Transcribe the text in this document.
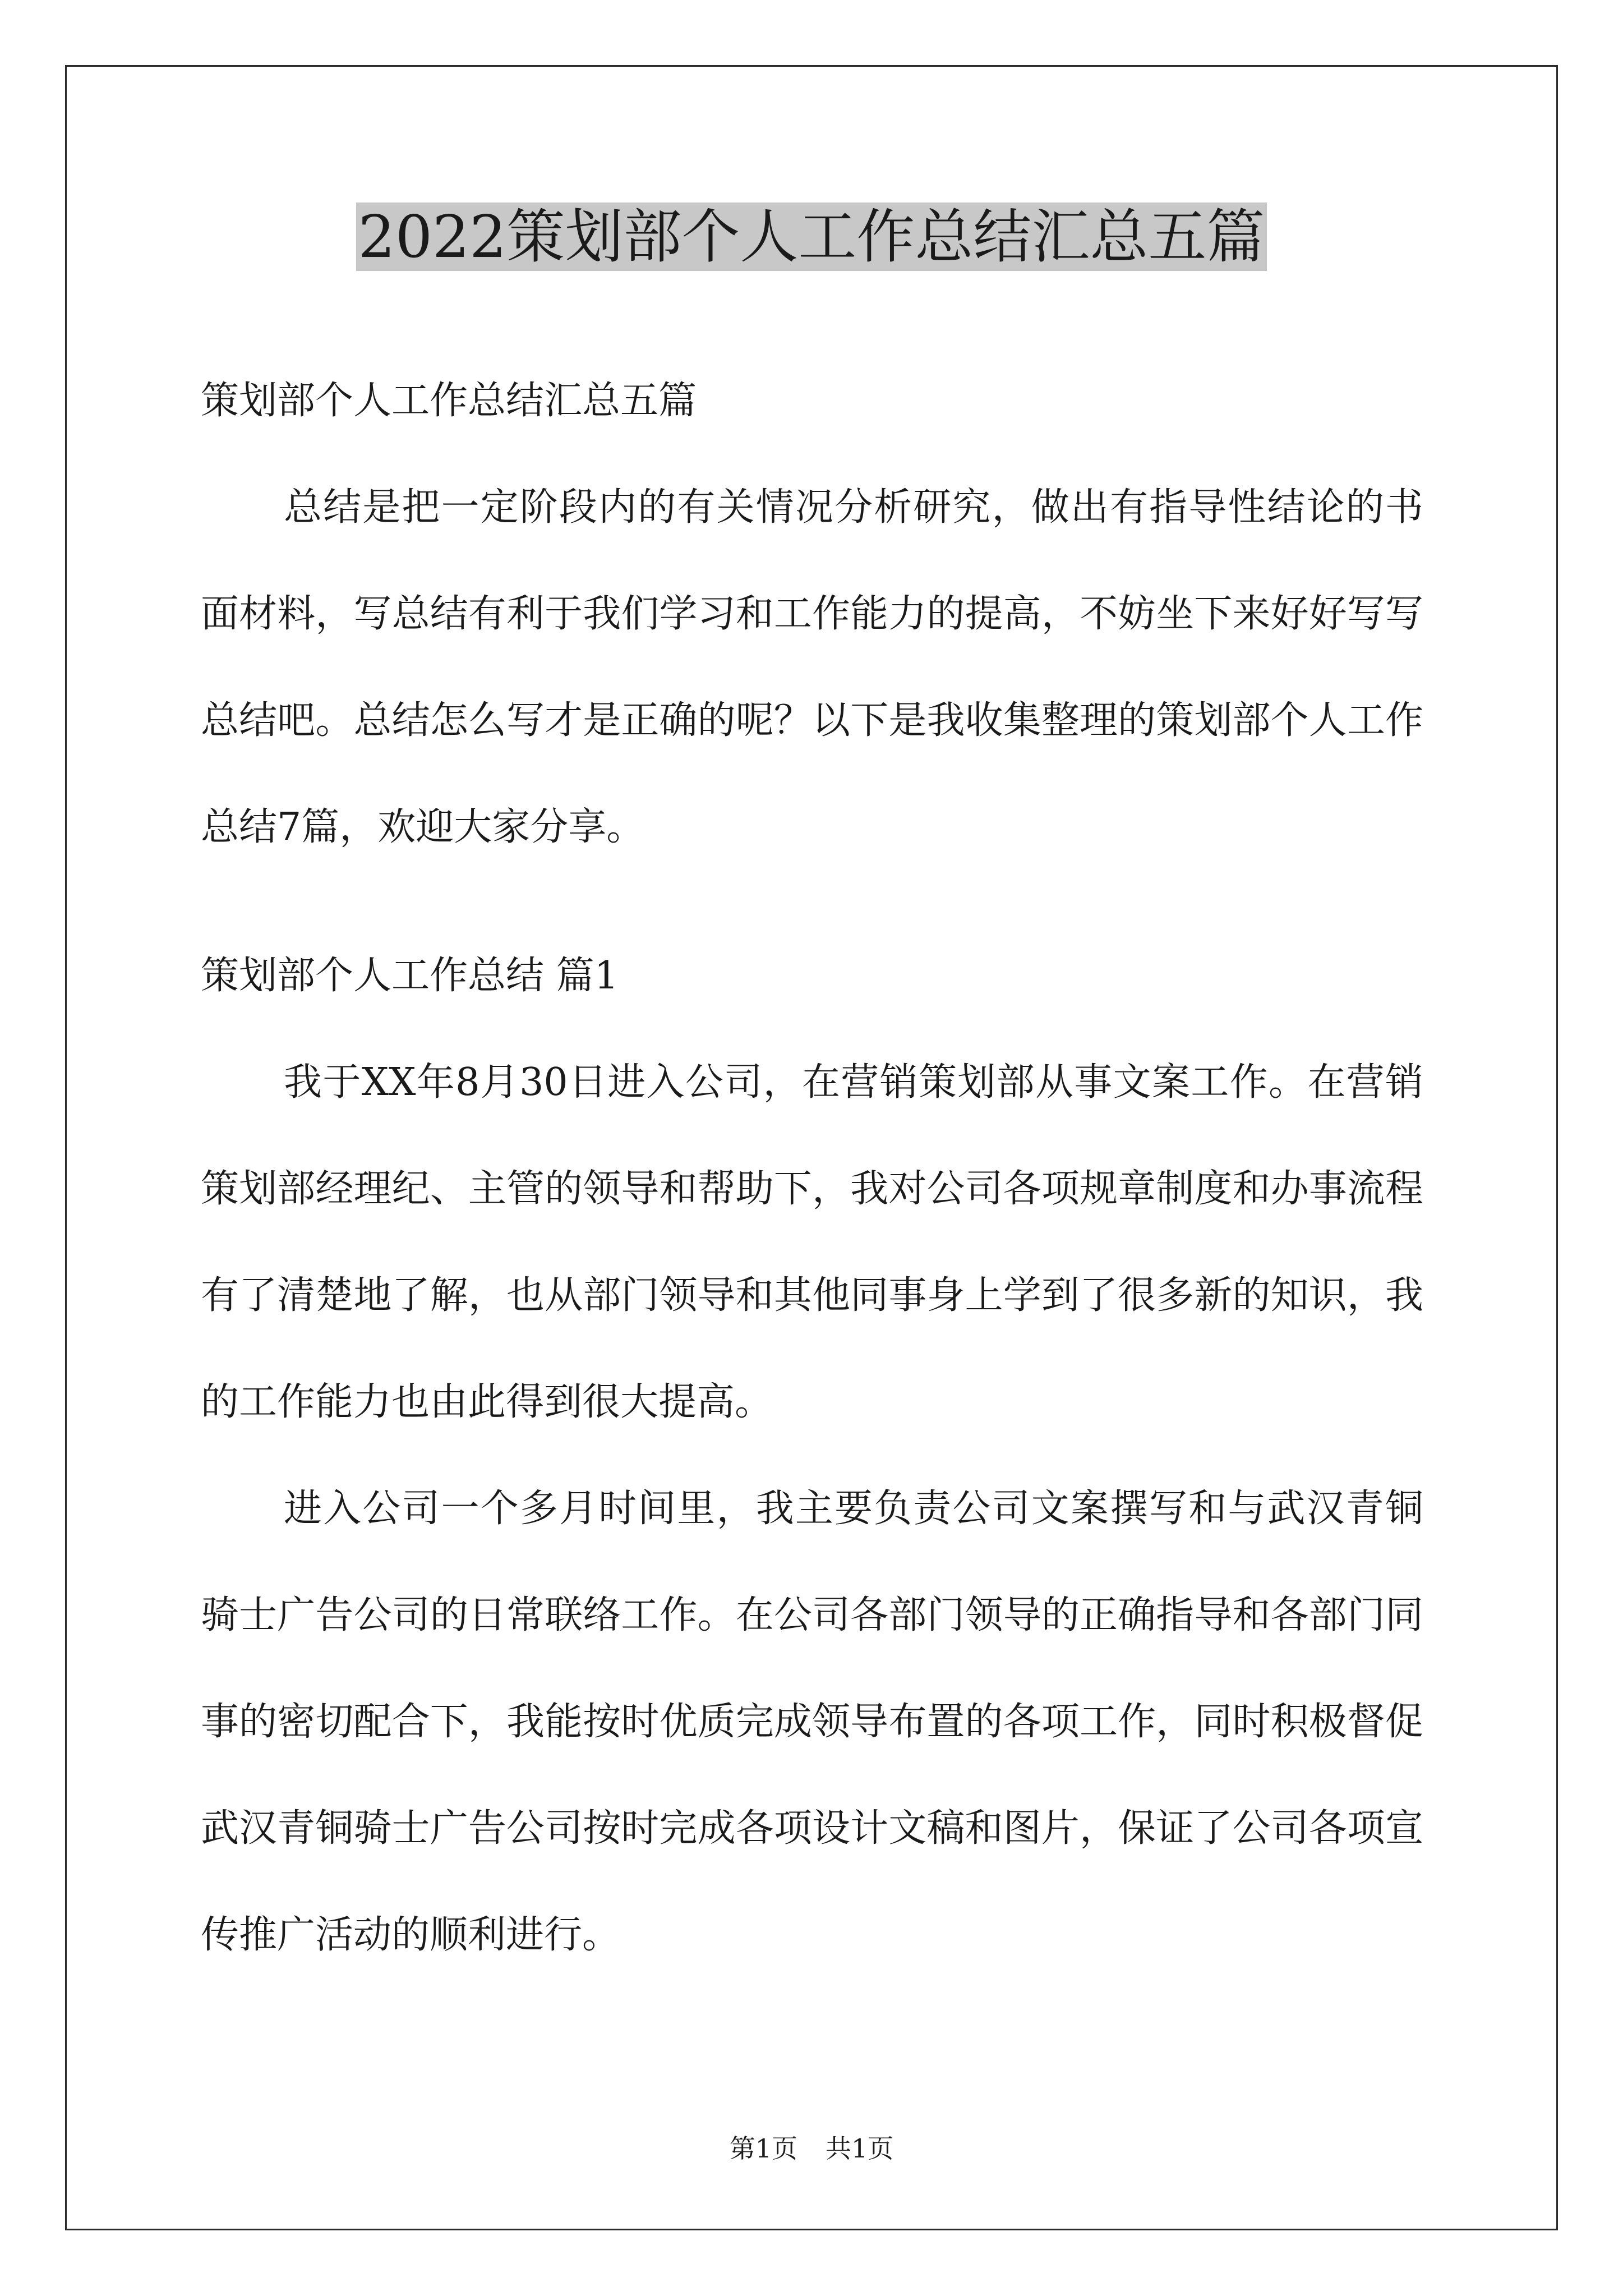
2022策划部个人工作总结汇总五篇

策划部个人工作总结汇总五篇

总结是把一定阶段内的有关情况分析研究，做出有指导性结论的书面材料，写总结有利于我们学习和工作能力的提高，不妨坐下来好好写写总结吧。总结怎么写才是正确的呢？以下是我收集整理的策划部个人工作总结7篇，欢迎大家分享。

策划部个人工作总结 篇1

我于XX年8月30日进入公司，在营销策划部从事文案工作。在营销策划部经理纪、主管的领导和帮助下，我对公司各项规章制度和办事流程有了清楚地了解，也从部门领导和其他同事身上学到了很多新的知识，我的工作能力也由此得到很大提高。

进入公司一个多月时间里，我主要负责公司文案撰写和与武汉青铜骑士广告公司的日常联络工作。在公司各部门领导的正确指导和各部门同事的密切配合下，我能按时优质完成领导布置的各项工作，同时积极督促武汉青铜骑士广告公司按时完成各项设计文稿和图片，保证了公司各项宣传推广活动的顺利进行。

第1页 共1页
